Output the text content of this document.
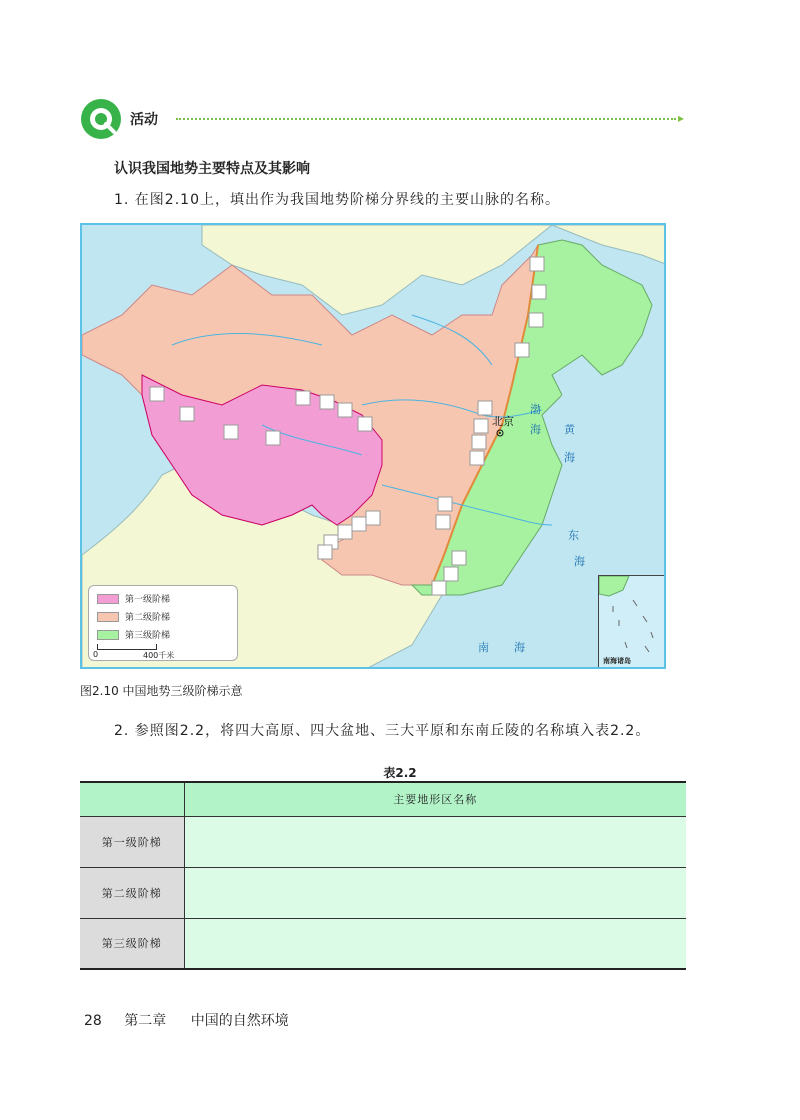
活动	▸
认识我国地势主要特点及其影响
1. 在图2.10上，填出作为我国地势阶梯分界线的主要山脉的名称。
北京
渤
海 黄
海
东
海
南 海
第一级阶梯
第二级阶梯
第三级阶梯
0	400千米
南海诸岛
图2.10 中国地势三级阶梯示意
2. 参照图2.2，将四大高原、四大盆地、三大平原和东南丘陵的名称填入表2.2。
表2.2
	主要地形区名称
第一级阶梯	
第二级阶梯	
第三级阶梯	
28 第二章 中国的自然环境
